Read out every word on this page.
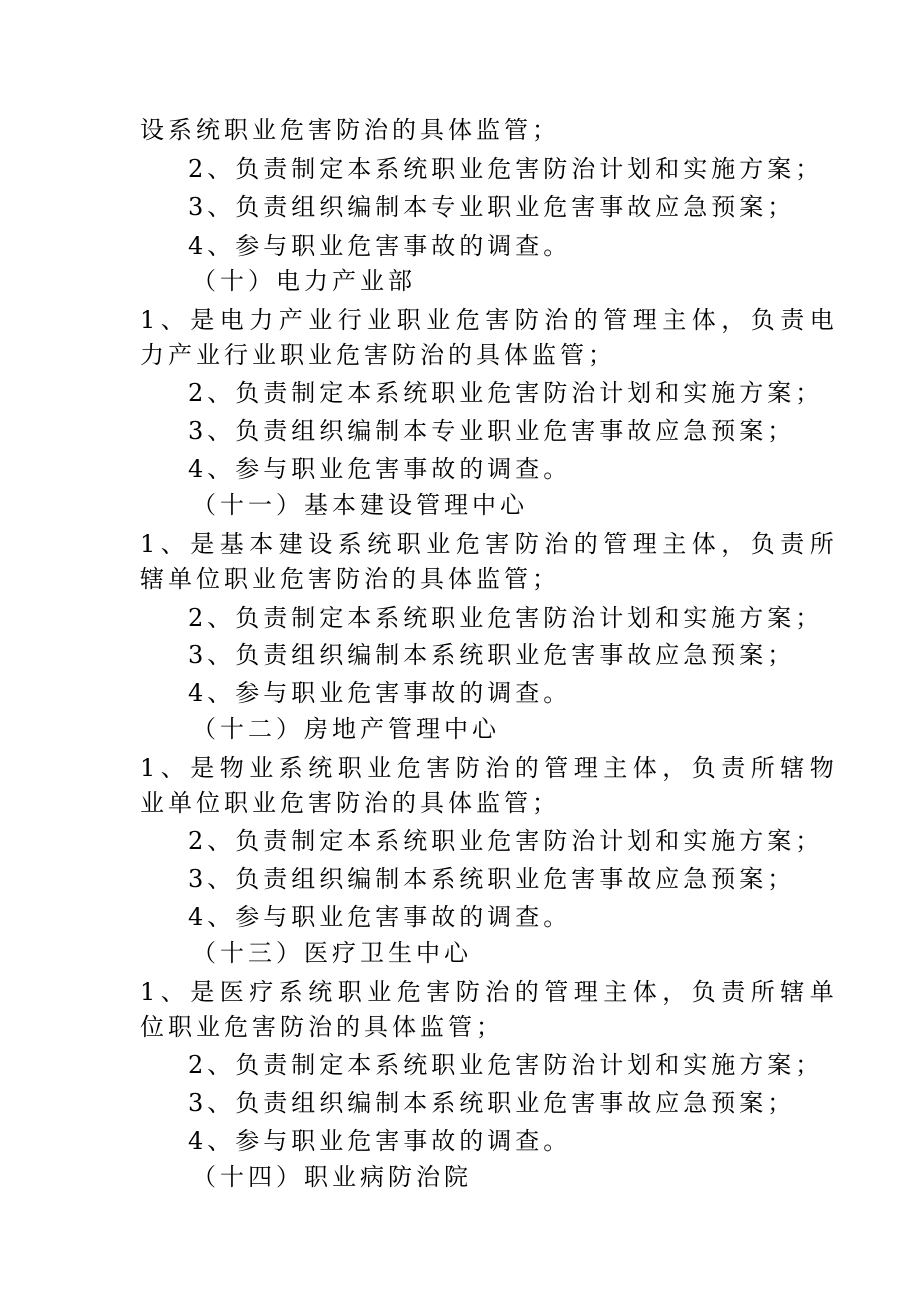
设系统职业危害防治的具体监管；
2、负责制定本系统职业危害防治计划和实施方案；
3、负责组织编制本专业职业危害事故应急预案；
4、参与职业危害事故的调查。
（十）电力产业部
1、是电力产业行业职业危害防治的管理主体，负责电
力产业行业职业危害防治的具体监管；
2、负责制定本系统职业危害防治计划和实施方案；
3、负责组织编制本专业职业危害事故应急预案；
4、参与职业危害事故的调查。
（十一）基本建设管理中心
1、是基本建设系统职业危害防治的管理主体，负责所
辖单位职业危害防治的具体监管；
2、负责制定本系统职业危害防治计划和实施方案；
3、负责组织编制本系统职业危害事故应急预案；
4、参与职业危害事故的调查。
（十二）房地产管理中心
1、是物业系统职业危害防治的管理主体，负责所辖物
业单位职业危害防治的具体监管；
2、负责制定本系统职业危害防治计划和实施方案；
3、负责组织编制本系统职业危害事故应急预案；
4、参与职业危害事故的调查。
（十三）医疗卫生中心
1、是医疗系统职业危害防治的管理主体，负责所辖单
位职业危害防治的具体监管；
2、负责制定本系统职业危害防治计划和实施方案；
3、负责组织编制本系统职业危害事故应急预案；
4、参与职业危害事故的调查。
（十四）职业病防治院
